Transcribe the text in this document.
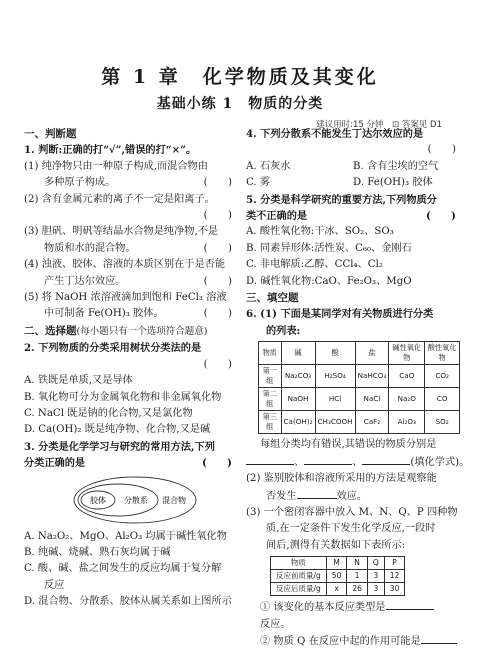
第 1 章　化学物质及其变化
基础小练 1　物质的分类
建议用时:15 分钟　⊡ 答案见 D1
一、判断题
1. 判断:正确的打“√”,错误的打“×”。
(1) 纯净物只由一种原子构成,而混合物由
多种原子构成。	(　　)
(2) 含有金属元素的离子不一定是阳离子。
(　　)

(3) 胆矾、明矾等结晶水合物是纯净物,不是
物质和水的混合物。	(　　)
(4) 浊液、胶体、溶液的本质区别在于是否能
产生丁达尔效应。	(　　)
(5) 将 NaOH 浓溶液滴加到饱和 FeCl₃ 溶液
中可制备 Fe(OH)₃ 胶体。	(　　)
二、选择题(每小题只有一个选项符合题意)
2. 下列物质的分类采用树状分类法的是
(　　)

A. 铁既是单质,又是导体
B. 氧化物可分为金属氧化物和非金属氧化物
C. NaCl 既是钠的化合物,又是氯化物
D. Ca(OH)₂ 既是纯净物、化合物,又是碱
3. 分类是化学学习与研究的常用方法,下列
分类正确的是	(　　)
胶体 分散系 混合物
A. Na₂O₂、MgO、Al₂O₃ 均属于碱性氧化物
B. 纯碱、烧碱、熟石灰均属于碱
C. 酸、碱、盐之间发生的反应均属于复分解
反应
D. 混合物、分散系、胶体从属关系如上图所示
4. 下列分散系不能发生丁达尔效应的是
(　　)

A. 石灰水	B. 含有尘埃的空气
C. 雾	D. Fe(OH)₃ 胶体
5. 分类是科学研究的重要方法,下列物质分
类不正确的是	(　　)
A. 酸性氧化物:干冰、SO₂、SO₃
B. 同素异形体:活性炭、C₆₀、金刚石
C. 非电解质:乙醇、CCl₄、Cl₂
D. 碱性氧化物:CaO、Fe₂O₃、MgO
三、填空题
6. (1) 下面是某同学对有关物质进行分类
的列表:
物质	碱	酸	盐	碱性氧化物	酸性氧化物
第一组	Na₂CO₃	H₂SO₄	NaHCO₃	CaO	CO₂
第二组	NaOH	HCl	NaCl	Na₂O	CO
第三组	Ca(OH)₂	CH₃COOH	CaF₂	Al₂O₃	SO₂
每组分类均有错误,其错误的物质分别是
、	、	(填化学式)。
(2) 鉴别胶体和溶液所采用的方法是观察能
否发生	效应。
(3) 一个密闭容器中放入 M、N、Q、P 四种物
质,在一定条件下发生化学反应,一段时
间后,测得有关数据如下表所示:
物质	M	N	Q	P
反应前质量/g	50	1	3	12
反应后质量/g	x	26	3	30
① 该变化的基本反应类型是
反应。
② 物质 Q 在反应中起的作用可能是
